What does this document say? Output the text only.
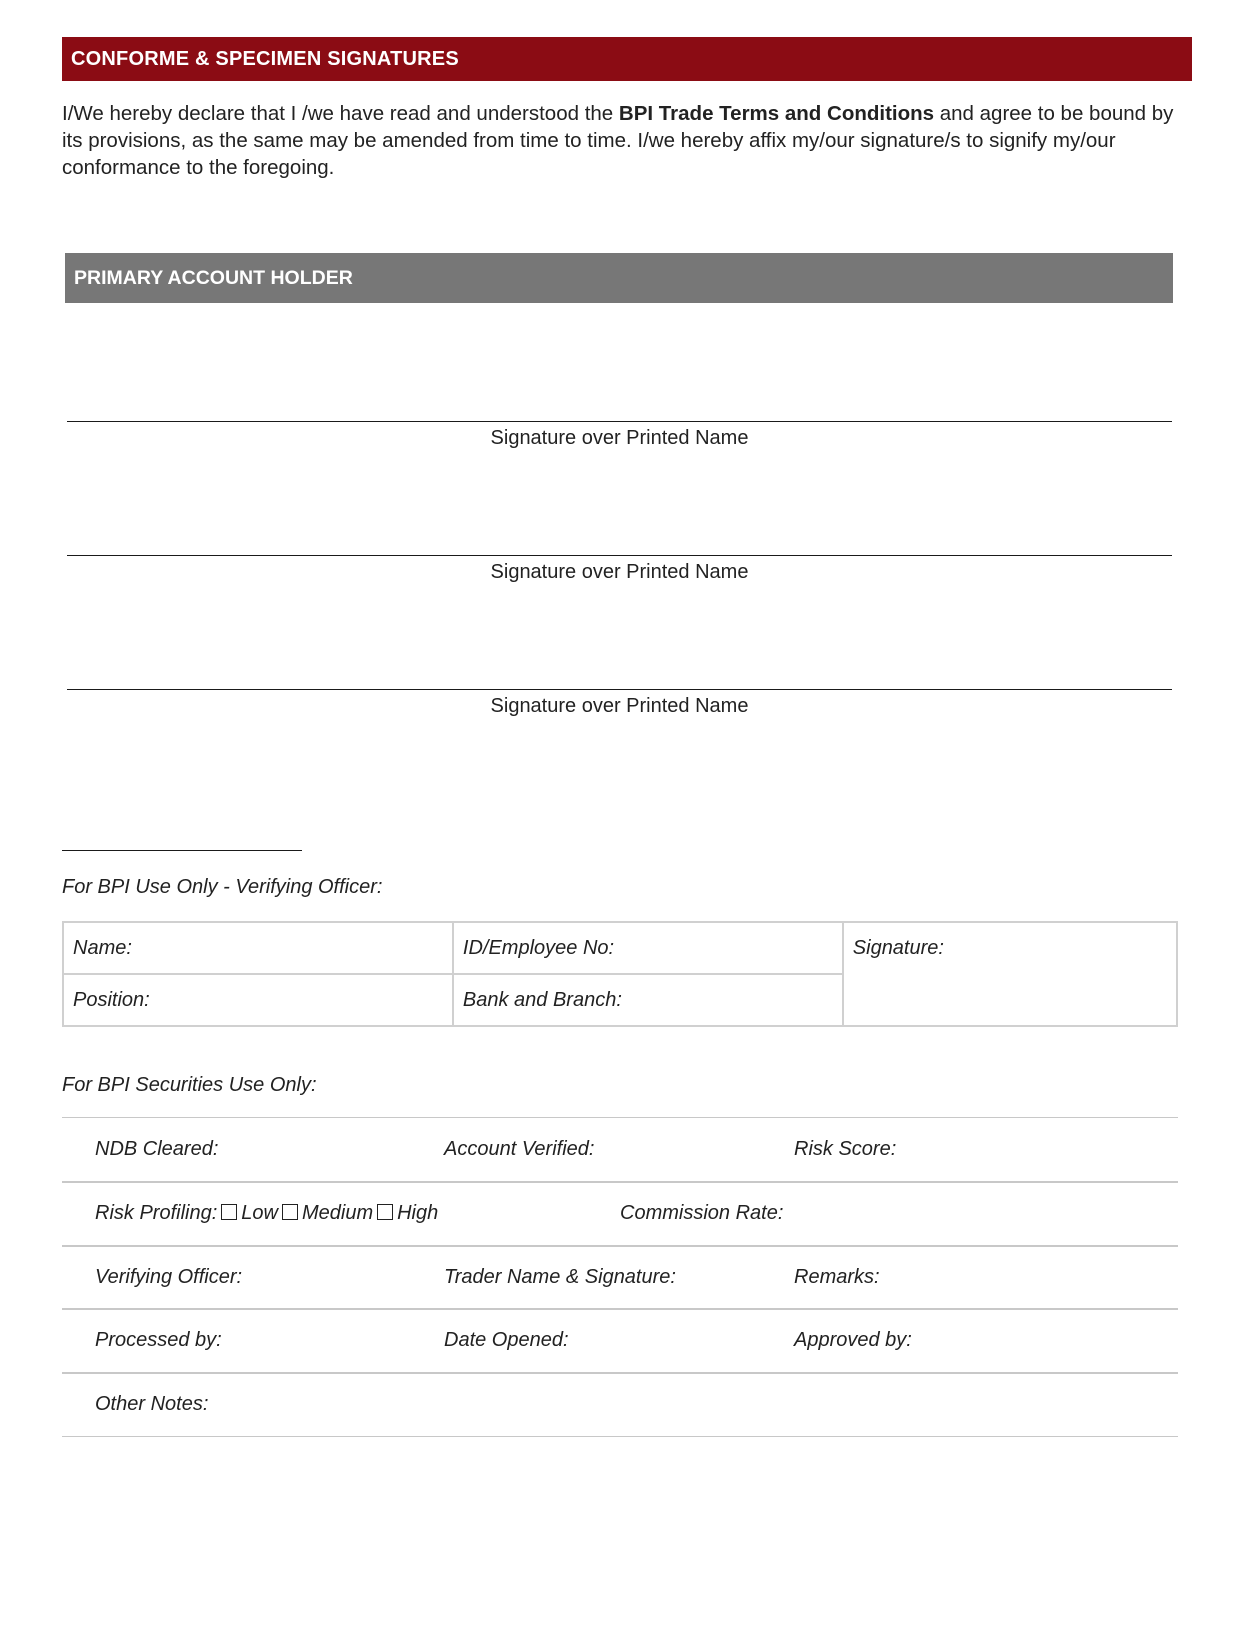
CONFORME & SPECIMEN SIGNATURES
I/We hereby declare that I /we have read and understood the BPI Trade Terms and Conditions and agree to be bound by its provisions, as the same may be amended from time to time. I/we hereby affix my/our signature/s to signify my/our conformance to the foregoing.
PRIMARY ACCOUNT HOLDER
Signature over Printed Name
Signature over Printed Name
Signature over Printed Name
For BPI Use Only - Verifying Officer:
Name:	ID/Employee No:	Signature:
Position:	Bank and Branch:	
For BPI Securities Use Only:
NDB Cleared:	Account Verified:	Risk Score:
Risk Profiling: Low Medium High	Commission Rate:
Verifying Officer:	Trader Name & Signature:	Remarks:
Processed by:	Date Opened:	Approved by:
Other Notes:
